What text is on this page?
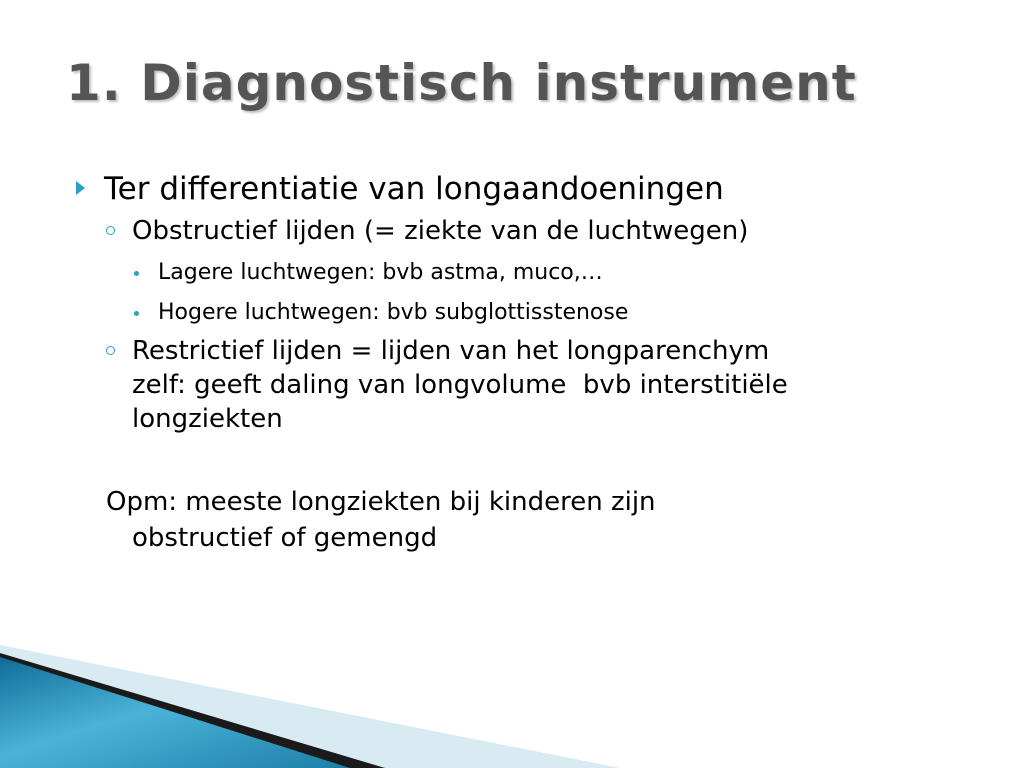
1. Diagnostisch instrument
Ter differentiatie van longaandoeningen
Obstructief lijden (= ziekte van de luchtwegen)
Lagere luchtwegen: bvb astma, muco,…
Hogere luchtwegen: bvb subglottisstenose
Restrictief lijden = lijden van het longparenchym
zelf: geeft daling van longvolume  bvb interstitiële
longziekten
Opm: meeste longziekten bij kinderen zijn
obstructief of gemengd
